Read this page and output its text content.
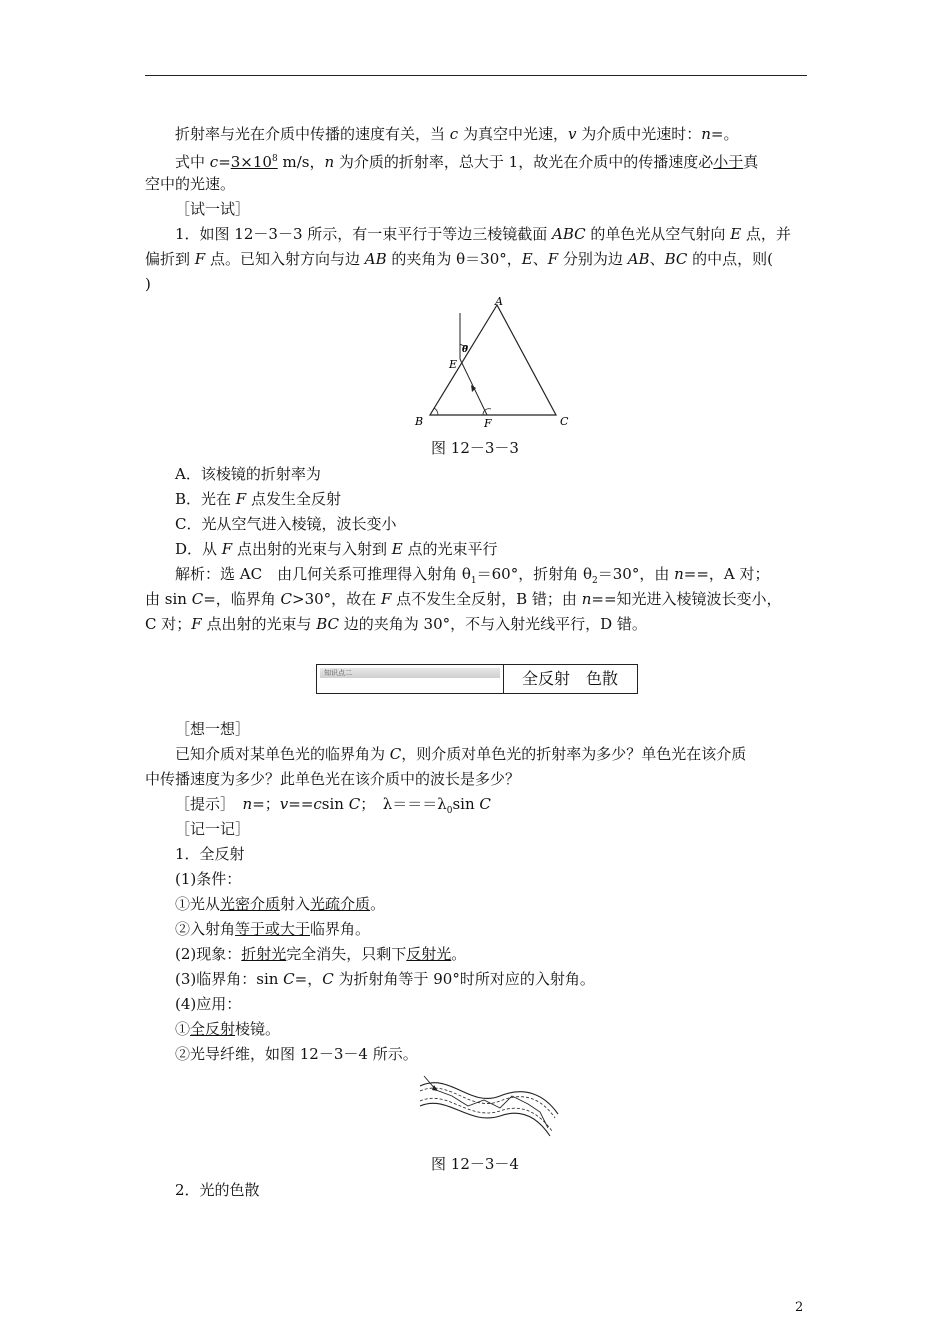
折射率与光在介质中传播的速度有关，当 c 为真空中光速，v 为介质中光速时：n=。
式中 $c=3\times 10^8$ m/s，n 为介质的折射率，总大于 1，故光在介质中的传播速度必小于真
空中的光速。
［试一试］
1．如图 12－3－3 所示，有一束平行于等边三棱镜截面 ABC 的单色光从空气射向 E 点，并
偏折到 F 点。已知入射方向与边 AB 的夹角为 θ＝30°，E、F 分别为边 AB、BC 的中点，则(
)
A
B	C
E
F
θ
图 12－3－3
A．该棱镜的折射率为
B．光在 F 点发生全反射
C．光从空气进入棱镜，波长变小
D．从 F 点出射的光束与入射到 E 点的光束平行
解析：选 AC　由几何关系可推理得入射角 $\theta_1=60^\circ$，折射角 $\theta_2=30^\circ$，由 n==，A 对；
由 sin C=，临界角 C>30°，故在 F 点不发生全反射，B 错；由 n==知光进入棱镜波长变小，
C 对；F 点出射的光束与 BC 边的夹角为 30°，不与入射光线平行，D 错。
知识点二	全反射　色散
［想一想］
已知介质对某单色光的临界角为 C，则介质对单色光的折射率为多少？单色光在该介质
中传播速度为多少？此单色光在该介质中的波长是多少？
［提示］　n=；v==csin C；　$\lambda===\lambda_0\sin$ C
［记一记］
1．全反射
(1)条件：
①光从光密介质射入光疏介质。
②入射角等于或大于临界角。
(2)现象：折射光完全消失，只剩下反射光。
(3)临界角：sin C=，C 为折射角等于 90°时所对应的入射角。
(4)应用：
①全反射棱镜。
②光导纤维，如图 12－3－4 所示。
图 12－3－4
2．光的色散
2
